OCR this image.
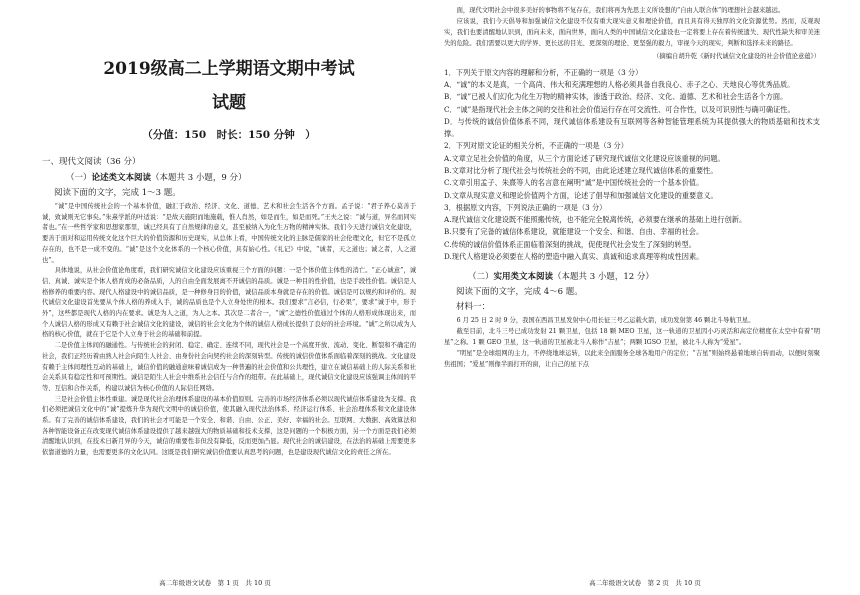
2019级高二上学期语文期中考试
试题
（分值：150　时长：150 分钟　）
一、现代文阅读（36 分）
（一）论述类文本阅读（本题共 3 小题，9 分）
阅读下面的文字，完成 1～3 题。

“诚”是中国传统社会的一个基本价值，融汇于政治、经济、文化、道德、艺术和社会生活各个方面。孟子说：“君子养心莫善于诚，致诚则无它事矣。”朱熹学派的叶适说：“是故天施阳而地施载，惟人肖然，如是而生，如是而死。”王夫之说：“诚与道，异名而同实者也。”在一些哲学家和思想家那里，诚已经具有了自然规律的意义，甚至被纳入为化生万物的精神实体。我们今天进行诚信文化建设，要善于面对和运用传统文化这个巨大的价值资源和历史现实，从总体上看，中国传统文化的主脉是儒家的社会伦理文化，但它不是孤立存在的，也不是一成不变的。“诚”是这个文化体系的一个核心价值，具有始心性。《礼记》中说，“诚者，天之道也；诚之者，人之道也”。

具体地说，从社会价值论角度看，我们研究诚信文化建设应该重视三个方面的问题：一是个体价值主体性的消亡。“正心诚意”，诚信、真诚、诚实是个体人格育成的必备品质，人的自由全面发展离不开诚信的品质。诚是一种目的性价值，也是手段性价值。诚信是人格修养的重要内容。现代人格建设中的诚信品质，是一种修身目的价值，诚信品质本身就是存在的价值。诚信是可以规约和评价的。现代诚信文化建设首先要从个体人格的养成入手，诚的品质也是个人立身处世的根本。我们要求“言必信，行必果”，要求“诚于中，形于外”，这些都是现代人格的内在要求。诚是为人之道，为人之本。其次是二者合一，“诚”之德性价值通过个体的人格形成体现出来，而个人诚信人格的形成又有赖于社会诚信文化的建设，诚信的社会文化为个体的诚信人格成长提供了良好的社会环境。“诚”之所以成为人格的核心价值，就在于它是个人立身于社会的基础和前提。

二是价值主体间的融通性。与传统社会的封闭、稳定、确定、连续不同，现代社会是一个高度开放、流动、变化、断裂和不确定的社会，我们正经历着由熟人社会向陌生人社会、由身份社会向契约社会的深刻转型。传统的诚信价值体系面临着深刻的挑战。文化建设有赖于主体间理性互动的基础上，诚信价值的融通意味着诚信成为一种普遍的社会价值和公共理性，建立在诚信基础上的人际关系和社会关系具有稳定性和可预期性。诚信是陌生人社会中维系社会信任与合作的纽带。在此基础上，现代诚信文化建设应该强调主体间的平等、互信和合作关系，构建以诚信为核心价值的人际信任网络。

三是社会价值主体性重建。诚是现代社会治理体系建设的基本价值原则。完善的市场经济体系必须以现代诚信体系建设为支撑。我们必须把诚信文化中的“诚”提炼升华为现代文明中的诚信价值，使其融入现代法治体系、经济运行体系、社会治理体系和文化建设体系。有了完善的诚信体系建设，我们的社会才可能是一个安全、和谐、自由、公正、美好、幸福的社会。互联网、大数据、高效算法和各种智能设备正在改变现代诚信体系建设提供了越来越强大的物质基础和技术支撑，这是问题的一个积极方面，另一个方面是我们必须清醒地认识到，在技术日新月异的今天，诚信的重要性非但没有降低，反而更加凸显。现代社会的诚信建设，在法治的基础上需要更多依靠道德的力量，也需要更多的文化认同。这既是我们研究诚信价值要认真思考的问题，也是建设现代诚信文化的责任之所在。

高二年级语文试卷　第 1 页　共 10 页

面，现代文明社会中很多美好的事物将不复存在，我们将再为先思主义所设想的“自由人联合体”的理想社会越来越远。

应该说，我们今天倡导和加强诚信文化建设不仅有重大现实意义和理论价值，而且具有得天独厚的文化资源优势。然而，反观现实，我们也要清醒地认识到，面向未来，面向世界，面向人类的中国诚信文化建设也一定将要上存在着传统遗失、现代性缺失和审美迷失的危险。我们需要以更大的学界、更长远的目光、更深刻的理论、更坚强的毅力，审视今天的现实，判断和选择未来的路径。

（摘编自胡升乾《新时代诚信文化建设的社会价值论意蕴》）
1．下列关于原文内容的理解和分析，不正确的一项是（3 分）
A．“诚”的本义是真，一个高尚、伟大和充满理想的人格必须具备自我良心、赤子之心、天地良心等优秀品质。
B．“诚”已被人们幻化为化生万物的精神实体，渗透于政治、经济、文化、道德、艺术和社会生活各个方面。
C．“诚”是指现代社会主体之间的交往和社会价值运行存在可交流性、可合作性，以及可识别性与确可确证性。
D．与传统的诚信价值体系不同，现代诚信体系建设有互联网等各种智能管理系统为其提供强大的物质基础和技术支撑。
2．下列对原文论证的相关分析，不正确的一项是（3 分）
A.文章立足社会价值的角度，从三个方面论述了研究现代诚信文化建设应该重视的问题。
B.文章对比分析了现代社会与传统社会的不同，由此论述建立现代诚信体系的重要性。
C.文章引用孟子、朱熹等人的名言意在阐明“诚”是中国传统社会的一个基本价值。
D.文章从现实意义和理论价值两个方面，论述了倡导和加强诚信文化建设的重要意义。
3．根据原文内容，下列说法正确的一项是（3 分）
A.现代诚信文化建设既不能照搬传统，也不能完全脱离传统，必须要在继承的基础上进行创新。
B.只要有了完备的诚信体系建设，就能建设一个安全、和谐、自由、幸福的社会。
C.传统的诚信价值体系正面临着深刻的挑战，促使现代社会发生了深刻的转型。
D.现代人格建设必须要在人格的塑造中融入真实、真诚和追求真理等构成性因素。
（二）实用类文本阅读（本题共 3 小题，12 分）
阅读下面的文字，完成 4～6 题。
材料一：

6 月 25 日 2 时 9 分，我国在西昌卫星发射中心用长征三号乙运载火箭，成功发射第 46 颗北斗导航卫星。

截至目前，北斗三号已成功发射 21 颗卫星，包括 18 颗 MEO 卫星，这一轨道的卫星因小巧灵活和高定位精度在太空中有着“明星”之称。1 颗 GEO 卫星，这一轨道的卫星被北斗人称作“吉星”；两颗 IGSO 卫星，被北斗人称为“爱星”。

“明星”是全球组网的主力，不停绕地球运转，以此来全面服务全球各地用户的定位；“吉星”则始终悬着地球自转而动，以便时刻聚焦祖国；“爱星”则像半面打开的窗，让自己的星下点

高二年级语文试卷　第 2 页　共 10 页
